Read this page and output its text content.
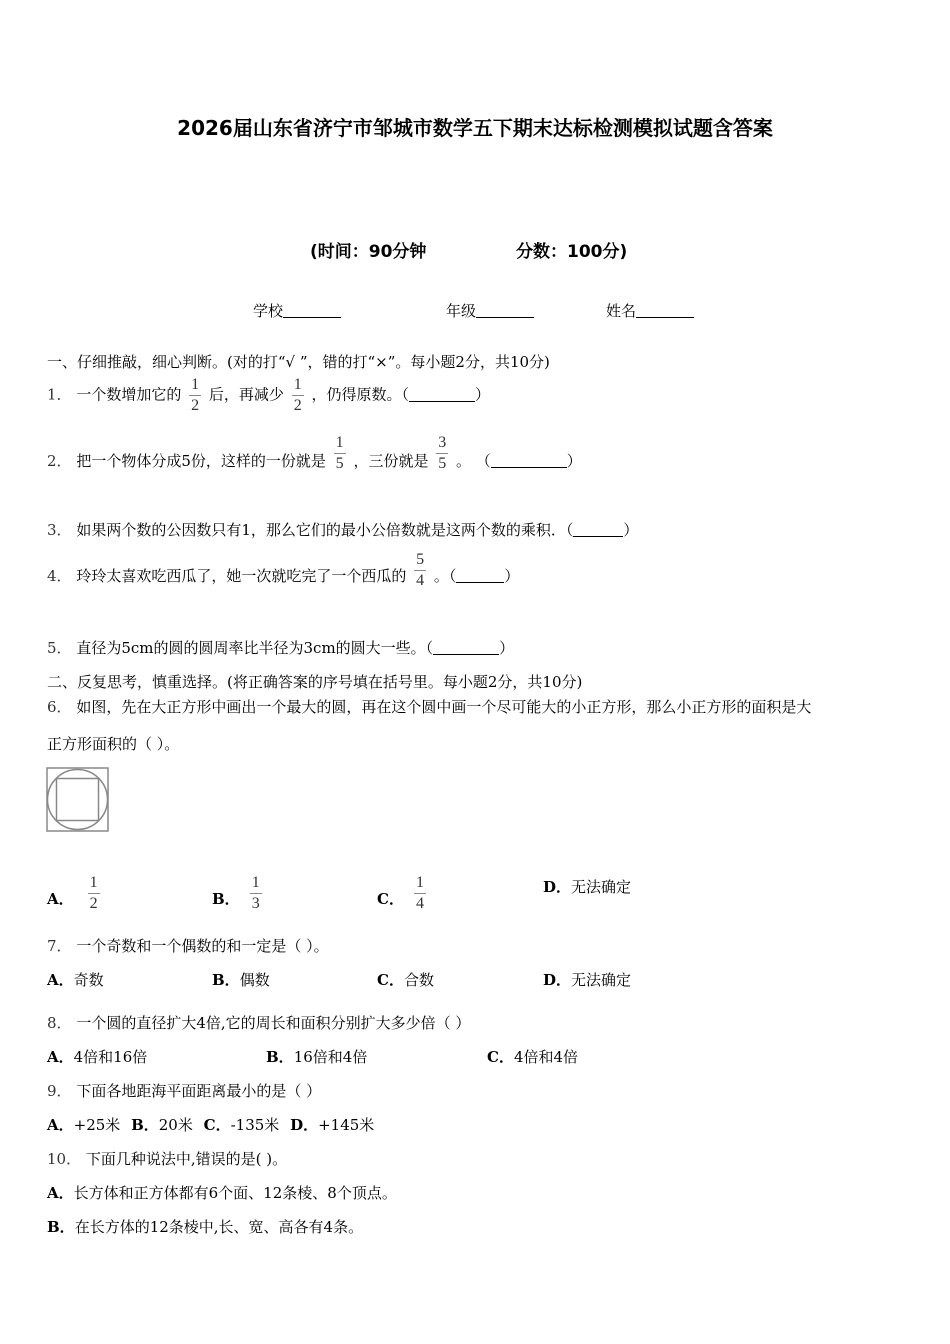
2026届山东省济宁市邹城市数学五下期末达标检测模拟试题含答案
(时间：90分钟	分数：100分)
学校	年级	姓名
一、仔细推敲，细心判断。(对的打“√ ”，错的打“×”。每小题2分，共10分)
1． 一个数增加它的 $\frac{1}{2}$ 后，再减少 $\frac{1}{2}$ ，仍得原数。（	）
2． 把一个物体分成5份，这样的一份就是 $\frac{1}{5}$ ，三份就是 $\frac{3}{5}$ 。 （	）
3． 如果两个数的公因数只有1，那么它们的最小公倍数就是这两个数的乘积．（	）
4． 玲玲太喜欢吃西瓜了，她一次就吃完了一个西瓜的 $\frac{5}{4}$ 。（	）
5． 直径为5cm的圆的圆周率比半径为3cm的圆大一些。（	）
二、反复思考，慎重选择。(将正确答案的序号填在括号里。每小题2分，共10分)
6． 如图，先在大正方形中画出一个最大的圆，再在这个圆中画一个尽可能大的小正方形，那么小正方形的面积是大
正方形面积的（ ）。
A． $\frac{1}{2}$	B． $\frac{1}{3}$	C． $\frac{1}{4}$	D．无法确定
7． 一个奇数和一个偶数的和一定是（ ）。
A．奇数	B．偶数	C．合数	D．无法确定
8． 一个圆的直径扩大4倍,它的周长和面积分别扩大多少倍（ ）
A．4倍和16倍	B．16倍和4倍	C．4倍和4倍
9． 下面各地距海平面距离最小的是（ ）
A．+25米 B．20米 C．-135米 D．+145米
10． 下面几种说法中,错误的是( )。
A．长方体和正方体都有6个面、12条棱、8个顶点。
B．在长方体的12条棱中,长、宽、高各有4条。
